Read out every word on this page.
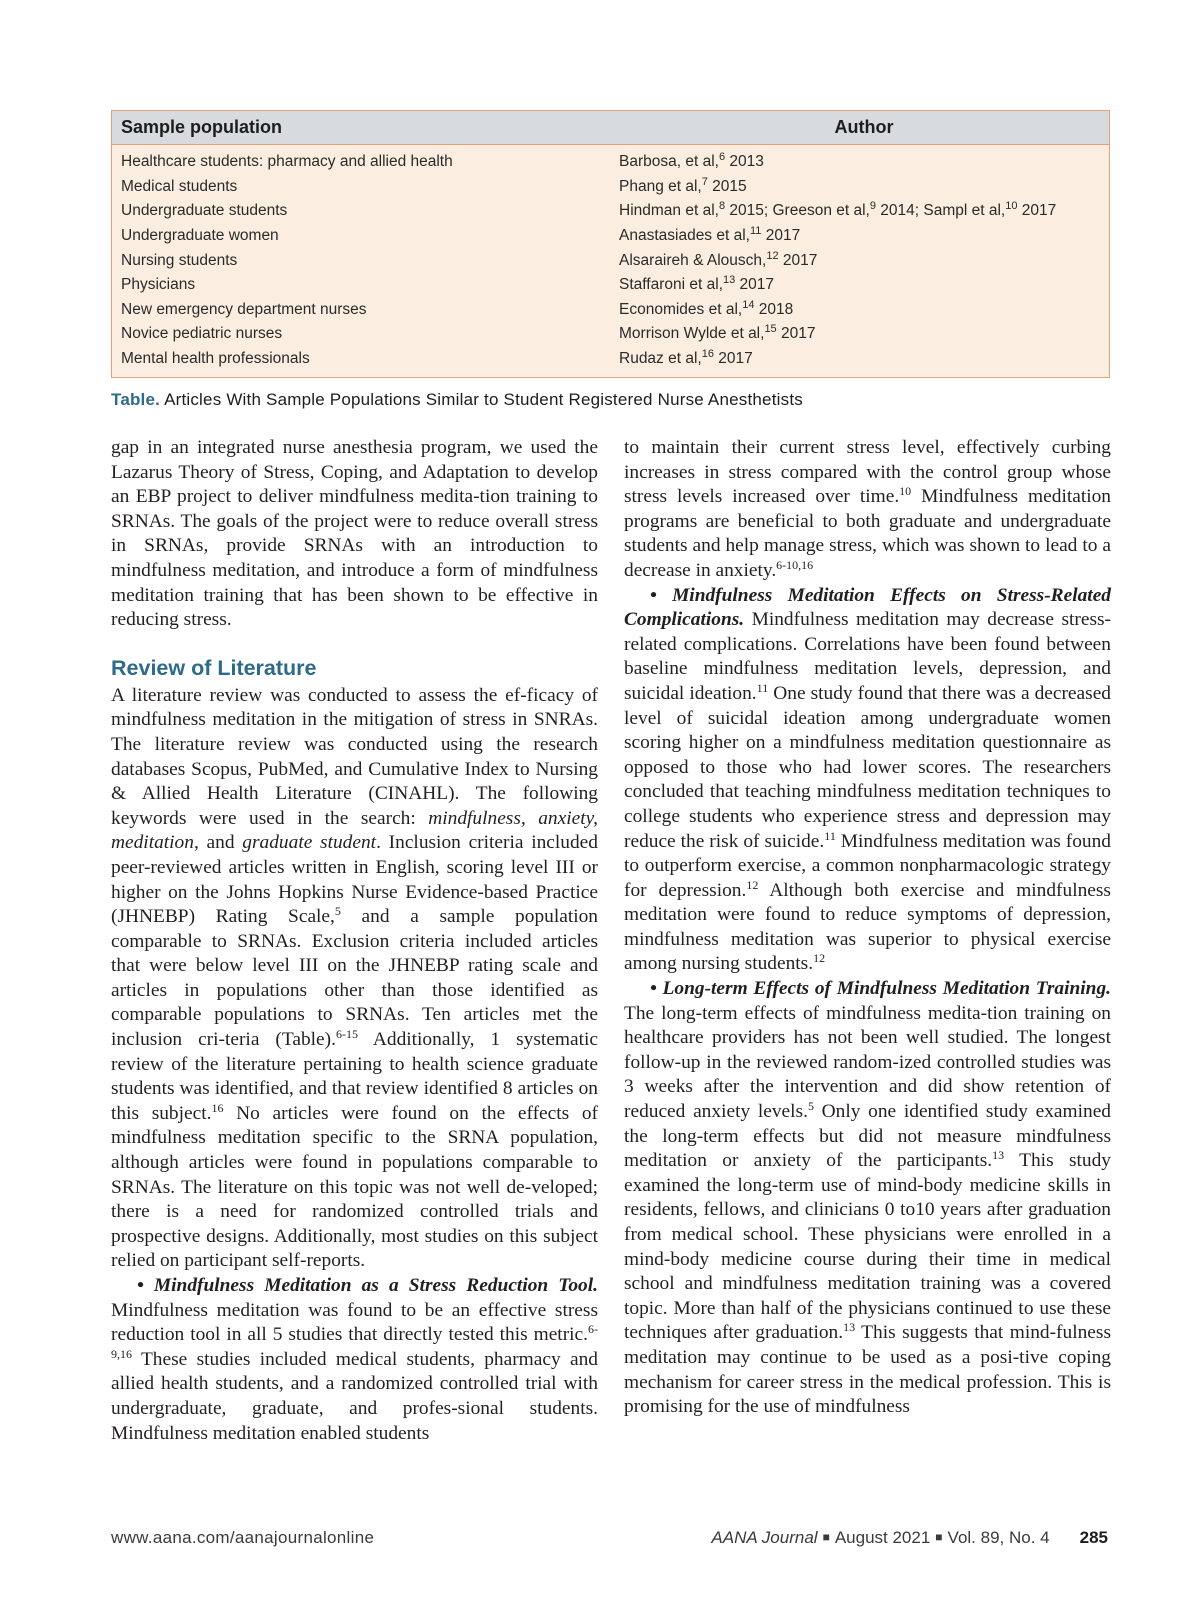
Sample population	Author
Healthcare students: pharmacy and allied health	Barbosa, et al,$^6$ 2013
Medical students	Phang et al,$^7$ 2015
Undergraduate students	Hindman et al,$^8$ 2015; Greeson et al,$^9$ 2014; Sampl et al,$^{10}$ 2017
Undergraduate women	Anastasiades et al,$^{11}$ 2017
Nursing students	Alsaraireh & Alousch,$^{12}$ 2017
Physicians	Staffaroni et al,$^{13}$ 2017
New emergency department nurses	Economides et al,$^{14}$ 2018
Novice pediatric nurses	Morrison Wylde et al,$^{15}$ 2017
Mental health professionals	Rudaz et al,$^{16}$ 2017
Table. Articles With Sample Populations Similar to Student Registered Nurse Anesthetists

gap in an integrated nurse anesthesia program, we used the Lazarus Theory of Stress, Coping, and Adaptation to develop an EBP project to deliver mindfulness medita-tion training to SRNAs. The goals of the project were to reduce overall stress in SRNAs, provide SRNAs with an introduction to mindfulness meditation, and introduce a form of mindfulness meditation training that has been shown to be effective in reducing stress.

Review of Literature

A literature review was conducted to assess the ef-ficacy of mindfulness meditation in the mitigation of stress in SNRAs. The literature review was conducted using the research databases Scopus, PubMed, and Cumulative Index to Nursing & Allied Health Literature (CINAHL). The following keywords were used in the search: mindfulness, anxiety, meditation, and graduate student. Inclusion criteria included peer-reviewed articles written in English, scoring level III or higher on the Johns Hopkins Nurse Evidence-based Practice (JHNEBP) Rating Scale,$^5$ and a sample population comparable to SRNAs. Exclusion criteria included articles that were below level III on the JHNEBP rating scale and articles in populations other than those identified as comparable populations to SRNAs. Ten articles met the inclusion cri-teria (Table).$^{6-15}$ Additionally, 1 systematic review of the literature pertaining to health science graduate students was identified, and that review identified 8 articles on this subject.$^{16}$ No articles were found on the effects of mindfulness meditation specific to the SRNA population, although articles were found in populations comparable to SRNAs. The literature on this topic was not well de-veloped; there is a need for randomized controlled trials and prospective designs. Additionally, most studies on this subject relied on participant self-reports.

• Mindfulness Meditation as a Stress Reduction Tool. Mindfulness meditation was found to be an effective stress reduction tool in all 5 studies that directly tested this metric.$^{6-9,16}$ These studies included medical students, pharmacy and allied health students, and a randomized controlled trial with undergraduate, graduate, and profes-sional students. Mindfulness meditation enabled students

to maintain their current stress level, effectively curbing increases in stress compared with the control group whose stress levels increased over time.$^{10}$ Mindfulness meditation programs are beneficial to both graduate and undergraduate students and help manage stress, which was shown to lead to a decrease in anxiety.$^{6-10,16}$

• Mindfulness Meditation Effects on Stress-Related Complications. Mindfulness meditation may decrease stress-related complications. Correlations have been found between baseline mindfulness meditation levels, depression, and suicidal ideation.$^{11}$ One study found that there was a decreased level of suicidal ideation among undergraduate women scoring higher on a mindfulness meditation questionnaire as opposed to those who had lower scores. The researchers concluded that teaching mindfulness meditation techniques to college students who experience stress and depression may reduce the risk of suicide.$^{11}$ Mindfulness meditation was found to outperform exercise, a common nonpharmacologic strategy for depression.$^{12}$ Although both exercise and mindfulness meditation were found to reduce symptoms of depression, mindfulness meditation was superior to physical exercise among nursing students.$^{12}$

• Long-term Effects of Mindfulness Meditation Training. The long-term effects of mindfulness medita-tion training on healthcare providers has not been well studied. The longest follow-up in the reviewed random-ized controlled studies was 3 weeks after the intervention and did show retention of reduced anxiety levels.$^5$ Only one identified study examined the long-term effects but did not measure mindfulness meditation or anxiety of the participants.$^{13}$ This study examined the long-term use of mind-body medicine skills in residents, fellows, and clinicians 0 to10 years after graduation from medical school. These physicians were enrolled in a mind-body medicine course during their time in medical school and mindfulness meditation training was a covered topic. More than half of the physicians continued to use these techniques after graduation.$^{13}$ This suggests that mind-fulness meditation may continue to be used as a posi-tive coping mechanism for career stress in the medical profession. This is promising for the use of mindfulness

www.aana.com/aanajournalonline	AANA Journal ■ August 2021 ■ Vol. 89, No. 4 285
